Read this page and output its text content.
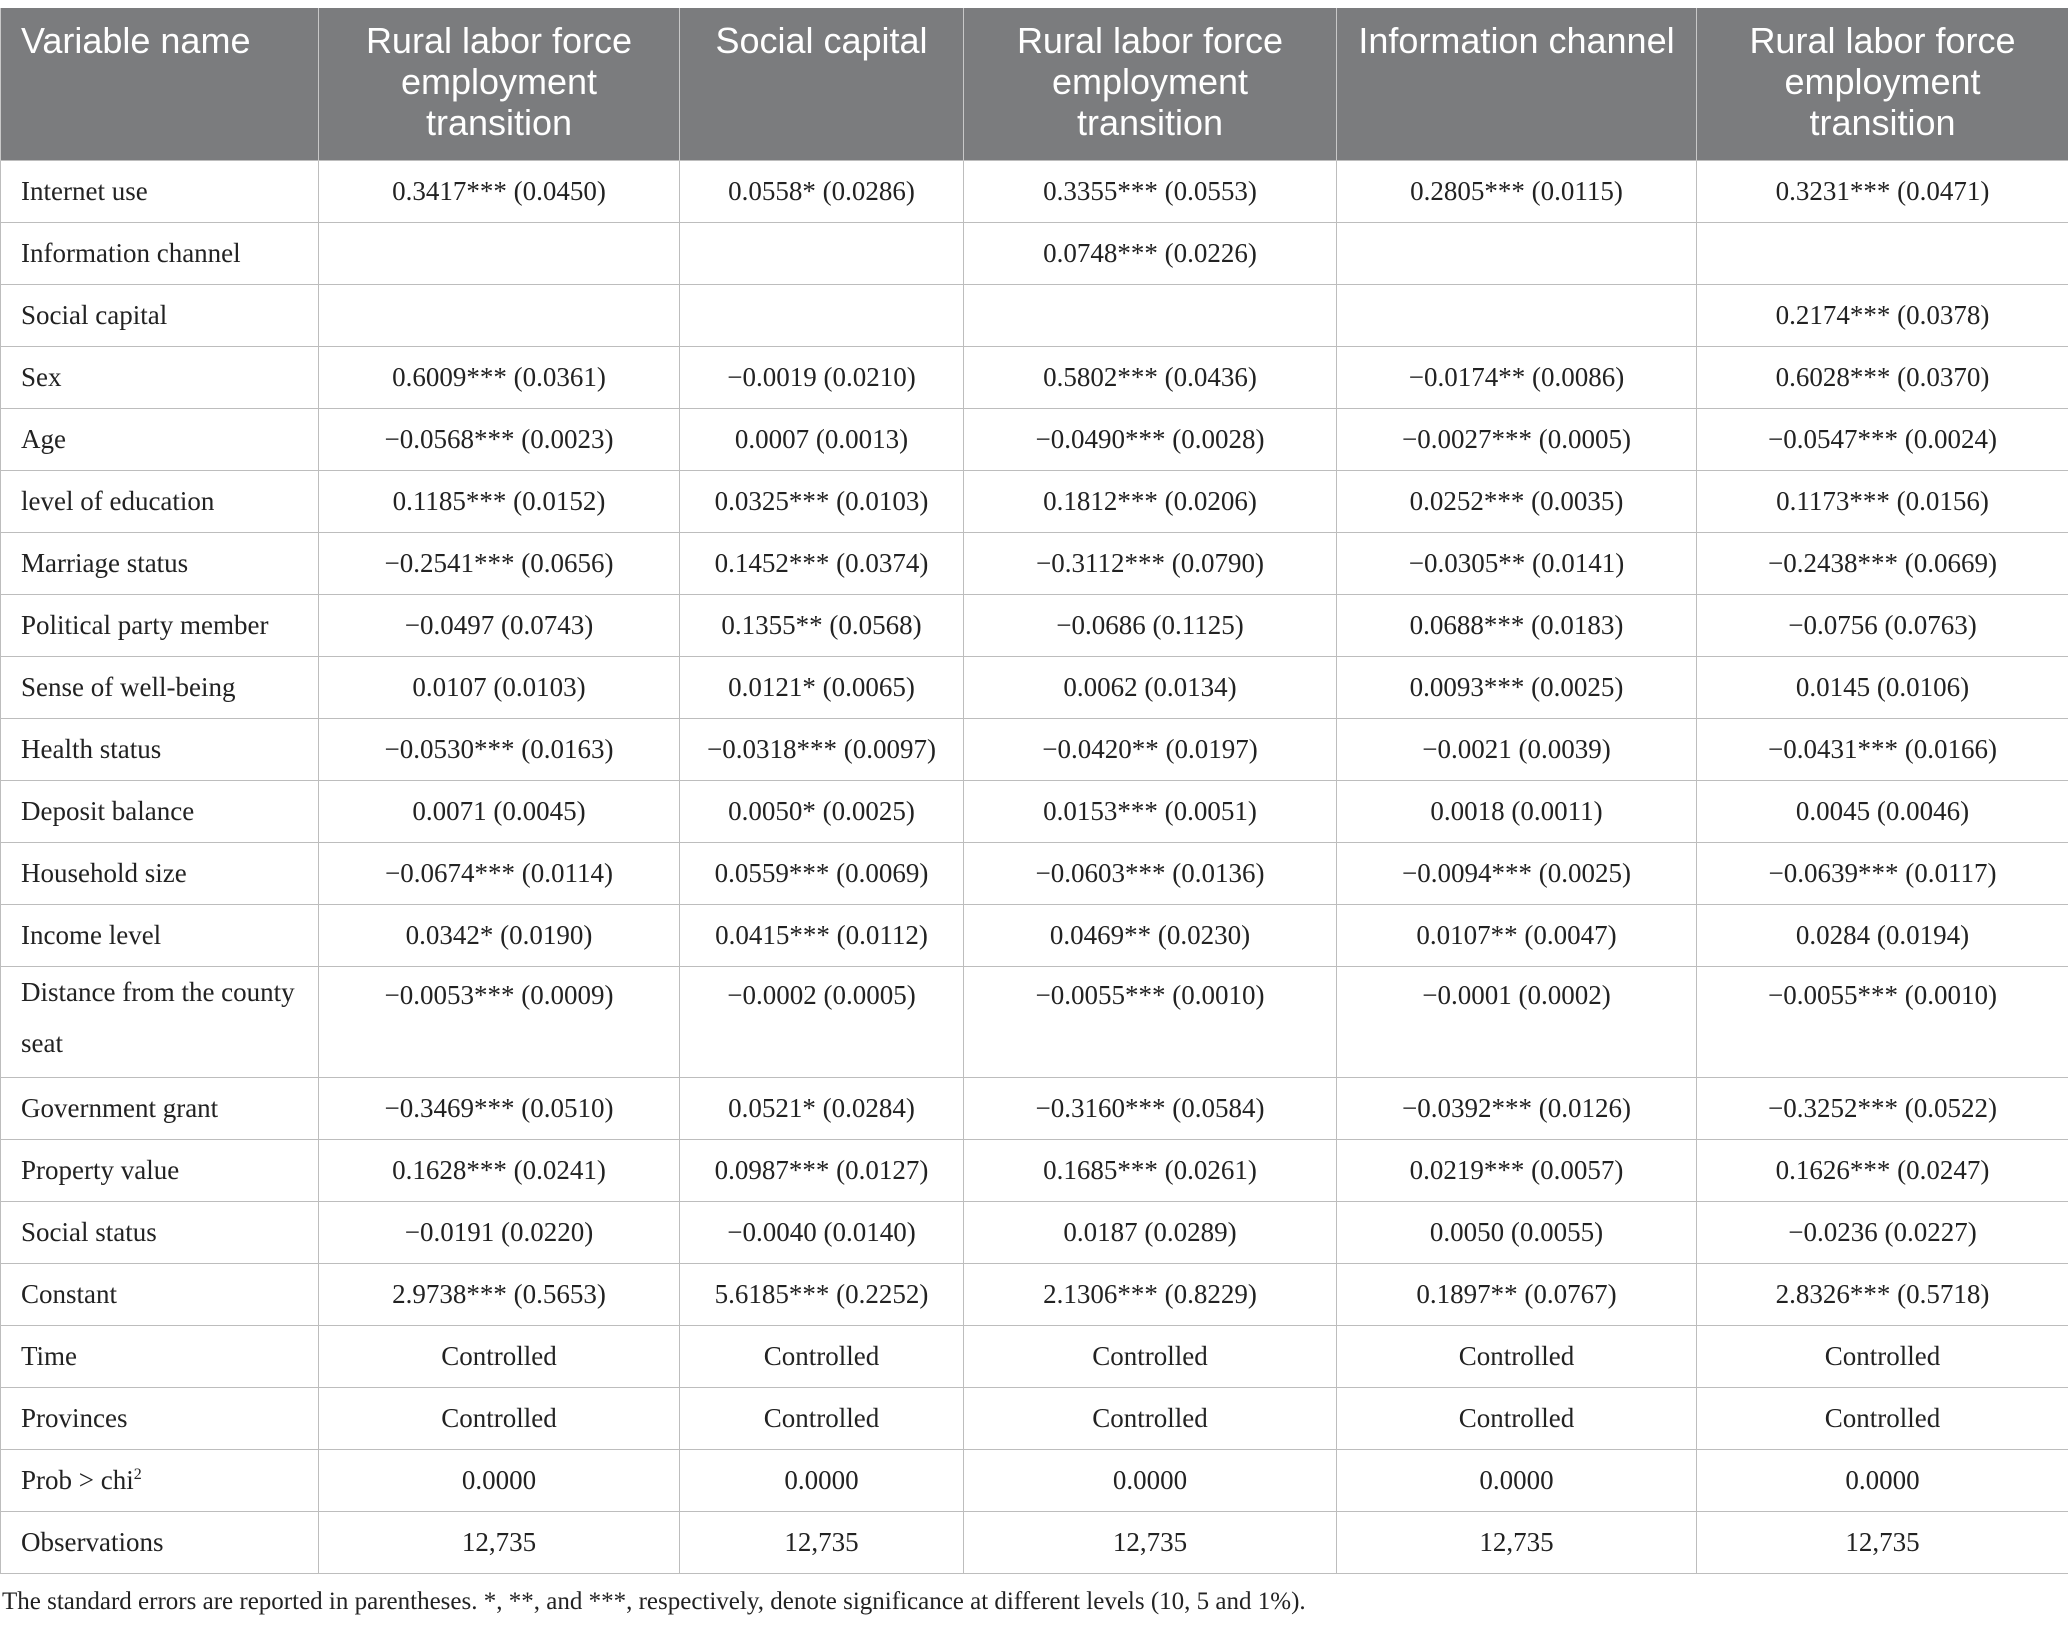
Variable name	Rural labor force employment transition	Social capital	Rural labor force employment transition	Information channel	Rural labor force employment transition
Internet use	0.3417*** (0.0450)	0.0558* (0.0286)	0.3355*** (0.0553)	0.2805*** (0.0115)	0.3231*** (0.0471)
Information channel			0.0748*** (0.0226)		
Social capital					0.2174*** (0.0378)
Sex	0.6009*** (0.0361)	−0.0019 (0.0210)	0.5802*** (0.0436)	−0.0174** (0.0086)	0.6028*** (0.0370)
Age	−0.0568*** (0.0023)	0.0007 (0.0013)	−0.0490*** (0.0028)	−0.0027*** (0.0005)	−0.0547*** (0.0024)
level of education	0.1185*** (0.0152)	0.0325*** (0.0103)	0.1812*** (0.0206)	0.0252*** (0.0035)	0.1173*** (0.0156)
Marriage status	−0.2541*** (0.0656)	0.1452*** (0.0374)	−0.3112*** (0.0790)	−0.0305** (0.0141)	−0.2438*** (0.0669)
Political party member	−0.0497 (0.0743)	0.1355** (0.0568)	−0.0686 (0.1125)	0.0688*** (0.0183)	−0.0756 (0.0763)
Sense of well-being	0.0107 (0.0103)	0.0121* (0.0065)	0.0062 (0.0134)	0.0093*** (0.0025)	0.0145 (0.0106)
Health status	−0.0530*** (0.0163)	−0.0318*** (0.0097)	−0.0420** (0.0197)	−0.0021 (0.0039)	−0.0431*** (0.0166)
Deposit balance	0.0071 (0.0045)	0.0050* (0.0025)	0.0153*** (0.0051)	0.0018 (0.0011)	0.0045 (0.0046)
Household size	−0.0674*** (0.0114)	0.0559*** (0.0069)	−0.0603*** (0.0136)	−0.0094*** (0.0025)	−0.0639*** (0.0117)
Income level	0.0342* (0.0190)	0.0415*** (0.0112)	0.0469** (0.0230)	0.0107** (0.0047)	0.0284 (0.0194)
Distance from the county seat	−0.0053*** (0.0009)	−0.0002 (0.0005)	−0.0055*** (0.0010)	−0.0001 (0.0002)	−0.0055*** (0.0010)
Government grant	−0.3469*** (0.0510)	0.0521* (0.0284)	−0.3160*** (0.0584)	−0.0392*** (0.0126)	−0.3252*** (0.0522)
Property value	0.1628*** (0.0241)	0.0987*** (0.0127)	0.1685*** (0.0261)	0.0219*** (0.0057)	0.1626*** (0.0247)
Social status	−0.0191 (0.0220)	−0.0040 (0.0140)	0.0187 (0.0289)	0.0050 (0.0055)	−0.0236 (0.0227)
Constant	2.9738*** (0.5653)	5.6185*** (0.2252)	2.1306*** (0.8229)	0.1897** (0.0767)	2.8326*** (0.5718)
Time	Controlled	Controlled	Controlled	Controlled	Controlled
Provinces	Controlled	Controlled	Controlled	Controlled	Controlled
Prob > chi$^2$	0.0000	0.0000	0.0000	0.0000	0.0000
Observations	12,735	12,735	12,735	12,735	12,735
The standard errors are reported in parentheses. *, **, and ***, respectively, denote significance at different levels (10, 5 and 1%).
